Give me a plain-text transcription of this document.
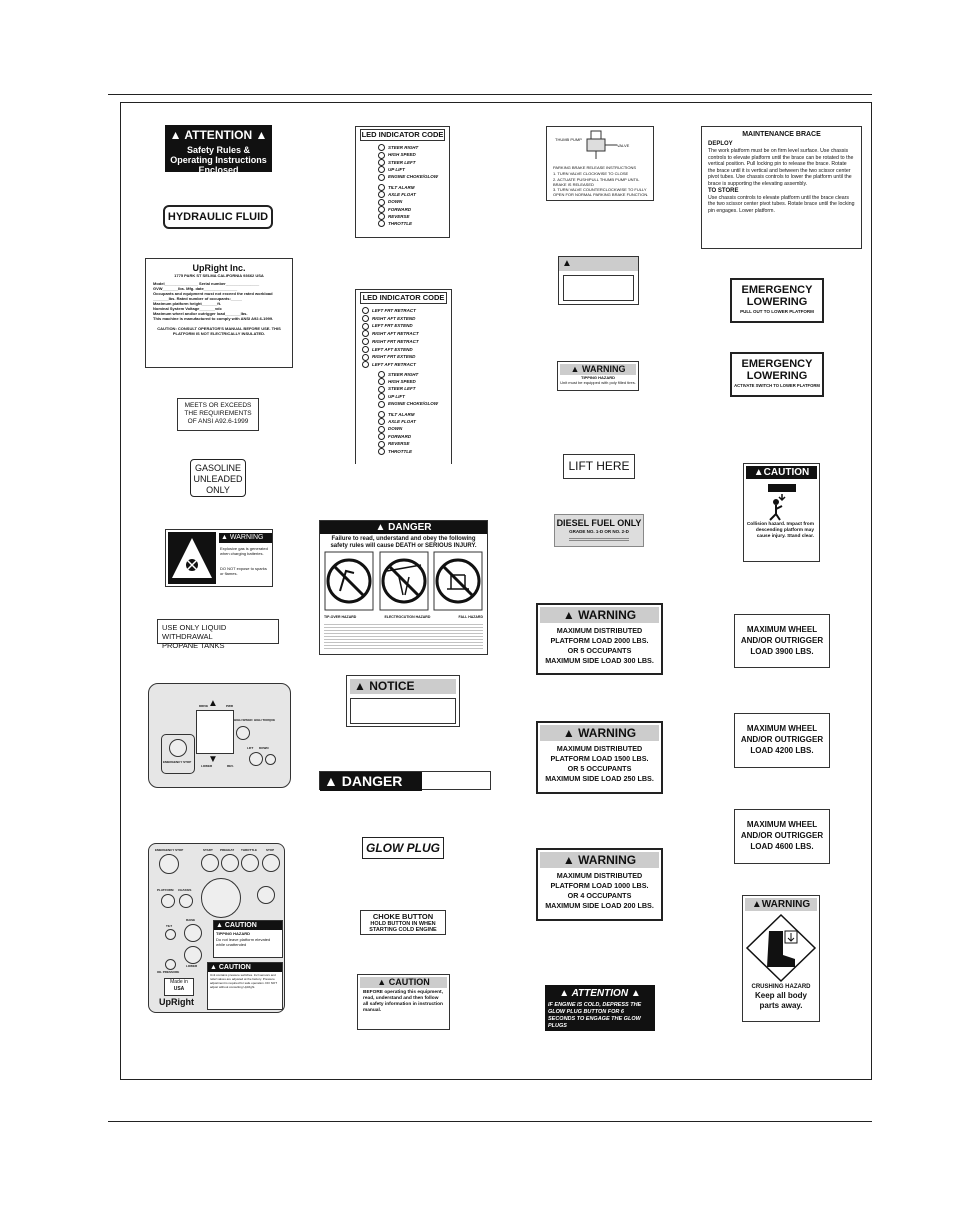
▲ ATTENTION ▲
Safety Rules & Operating Instructions Enclosed
HYDRAULIC FLUID
UpRight Inc.
1775 PARK ST SELMA CALIFORNIA 93662 USA
Model_______________ Serial number_______________
GVW_______lbs. Mfg. date_______________
Occupants and equipment must not exceed the rated workload
_______lbs. Rated number of occupants:_____
Maximum platform height_______ft.
Nominal System Voltage_______vdc
Maximum wheel and/or outrigger load_______lbs.
This machine is manufactured to comply with ANSI A92.6-1999.
CAUTION: CONSULT OPERATOR'S MANUAL BEFORE USE. THIS PLATFORM IS NOT ELECTRICALLY INSULATED.
MEETS OR EXCEEDS THE REQUIREMENTS OF ANSI A92.6-1999
GASOLINE
UNLEADED
ONLY
▲ WARNING
Explosive gas is generated when charging batteries.
DO NOT expose to sparks or flames.
USE ONLY LIQUID WITHDRAWAL
PROPANE TANKS
▲
▼
DRIVE	PWR
HIGH SPEED HIGH TORQUE
LIFT DOWN
LOWER	REV.
EMERGENCY STOP
EMERGENCY STOP	START PREHEAT THROTTLE	STOP
PLATFORM CHASSIS
TILT
RAISE
LOWER
OIL PRESSURE
▲ CAUTION
TIPPING HAZARD
Do not leave platform elevated while unattended
▲ CAUTION
Unit contains pressure switches. Incl sensors and relief valves are adjusted at the factory. Pressure adjustment is required for safe operation. DO NOT adjust without consulting UpRight.
Made in
USA
UpRight
LED INDICATOR CODE
STEER RIGHT
HIGH SPEED
STEER LEFT
UP LIFT
ENGINE CHOKE/GLOW
TILT ALARM
AXLE FLOAT
DOWN
FORWARD
REVERSE
THROTTLE
LED INDICATOR CODE
LEFT FRT RETRACT
RIGHT AFT EXTEND
LEFT FRT EXTEND
RIGHT AFT RETRACT
RIGHT FRT RETRACT
LEFT AFT EXTEND
RIGHT FRT EXTEND
LEFT AFT RETRACT
STEER RIGHT
HIGH SPEED
STEER LEFT
UP LIFT
ENGINE CHOKE/GLOW
TILT ALARM
AXLE FLOAT
DOWN
FORWARD
REVERSE
THROTTLE
▲ DANGER
Failure to read, understand and obey the following safety rules will cause DEATH or SERIOUS INJURY.
TIP-OVER HAZARD	ELECTROCUTION HAZARD	FALL HAZARD
▲ NOTICE
▲ DANGER
GLOW PLUG
CHOKE BUTTON
HOLD BUTTON IN WHEN
STARTING COLD ENGINE
▲ CAUTION
BEFORE operating this equipment, read, understand and then follow all safety information in instruction manual.
THUMB PUMP
VALVE
PARKING BRAKE RELEASE INSTRUCTIONS
1. TURN VALVE CLOCKWISE TO CLOSE
2. ACTUATE PUSH/PULL THUMB PUMP UNTIL BRAKE IS RELEASED
3. TURN VALVE COUNTERCLOCKWISE TO FULLY OPEN FOR NORMAL PARKING BRAKE FUNCTION.
▲
▲ WARNING
TIPPING HAZARD
Unit must be equipped with poly filled tires.
LIFT HERE
DIESEL FUEL ONLY
GRADE NO. 1-D OR NO. 2-D
▲ WARNING
MAXIMUM DISTRIBUTED
PLATFORM LOAD 2000 LBS.
OR 5 OCCUPANTS
MAXIMUM SIDE LOAD 300 LBS.
▲ WARNING
MAXIMUM DISTRIBUTED
PLATFORM LOAD 1500 LBS.
OR 5 OCCUPANTS
MAXIMUM SIDE LOAD 250 LBS.
▲ WARNING
MAXIMUM DISTRIBUTED
PLATFORM LOAD 1000 LBS.
OR 4 OCCUPANTS
MAXIMUM SIDE LOAD 200 LBS.
▲ ATTENTION ▲
IF ENGINE IS COLD, DEPRESS THE GLOW PLUG BUTTON FOR 6 SECONDS TO ENGAGE THE GLOW PLUGS
MAINTENANCE BRACE
DEPLOY
The work platform must be on firm level surface. Use chassis controls to elevate platform until the brace can be rotated to the vertical position. Pull locking pin to release the brace. Rotate the brace until it is vertical and between the two scissor center pivot tubes. Use chassis controls to lower the platform until the brace is supporting the elevating assembly.
TO STORE
Use chassis controls to elevate platform until the brace clears the two scissor center pivot tubes. Rotate brace until the locking pin engages. Lower platform.
EMERGENCY
LOWERING
PULL OUT TO LOWER PLATFORM
EMERGENCY
LOWERING
ACTIVATE SWITCH TO LOWER PLATFORM
▲CAUTION
Collision hazard. Impact from descending platform may cause injury. Stand clear.
MAXIMUM WHEEL
AND/OR OUTRIGGER
LOAD 3900 LBS.
MAXIMUM WHEEL
AND/OR OUTRIGGER
LOAD 4200 LBS.
MAXIMUM WHEEL
AND/OR OUTRIGGER
LOAD 4600 LBS.
▲WARNING
CRUSHING HAZARD
Keep all body parts away.
